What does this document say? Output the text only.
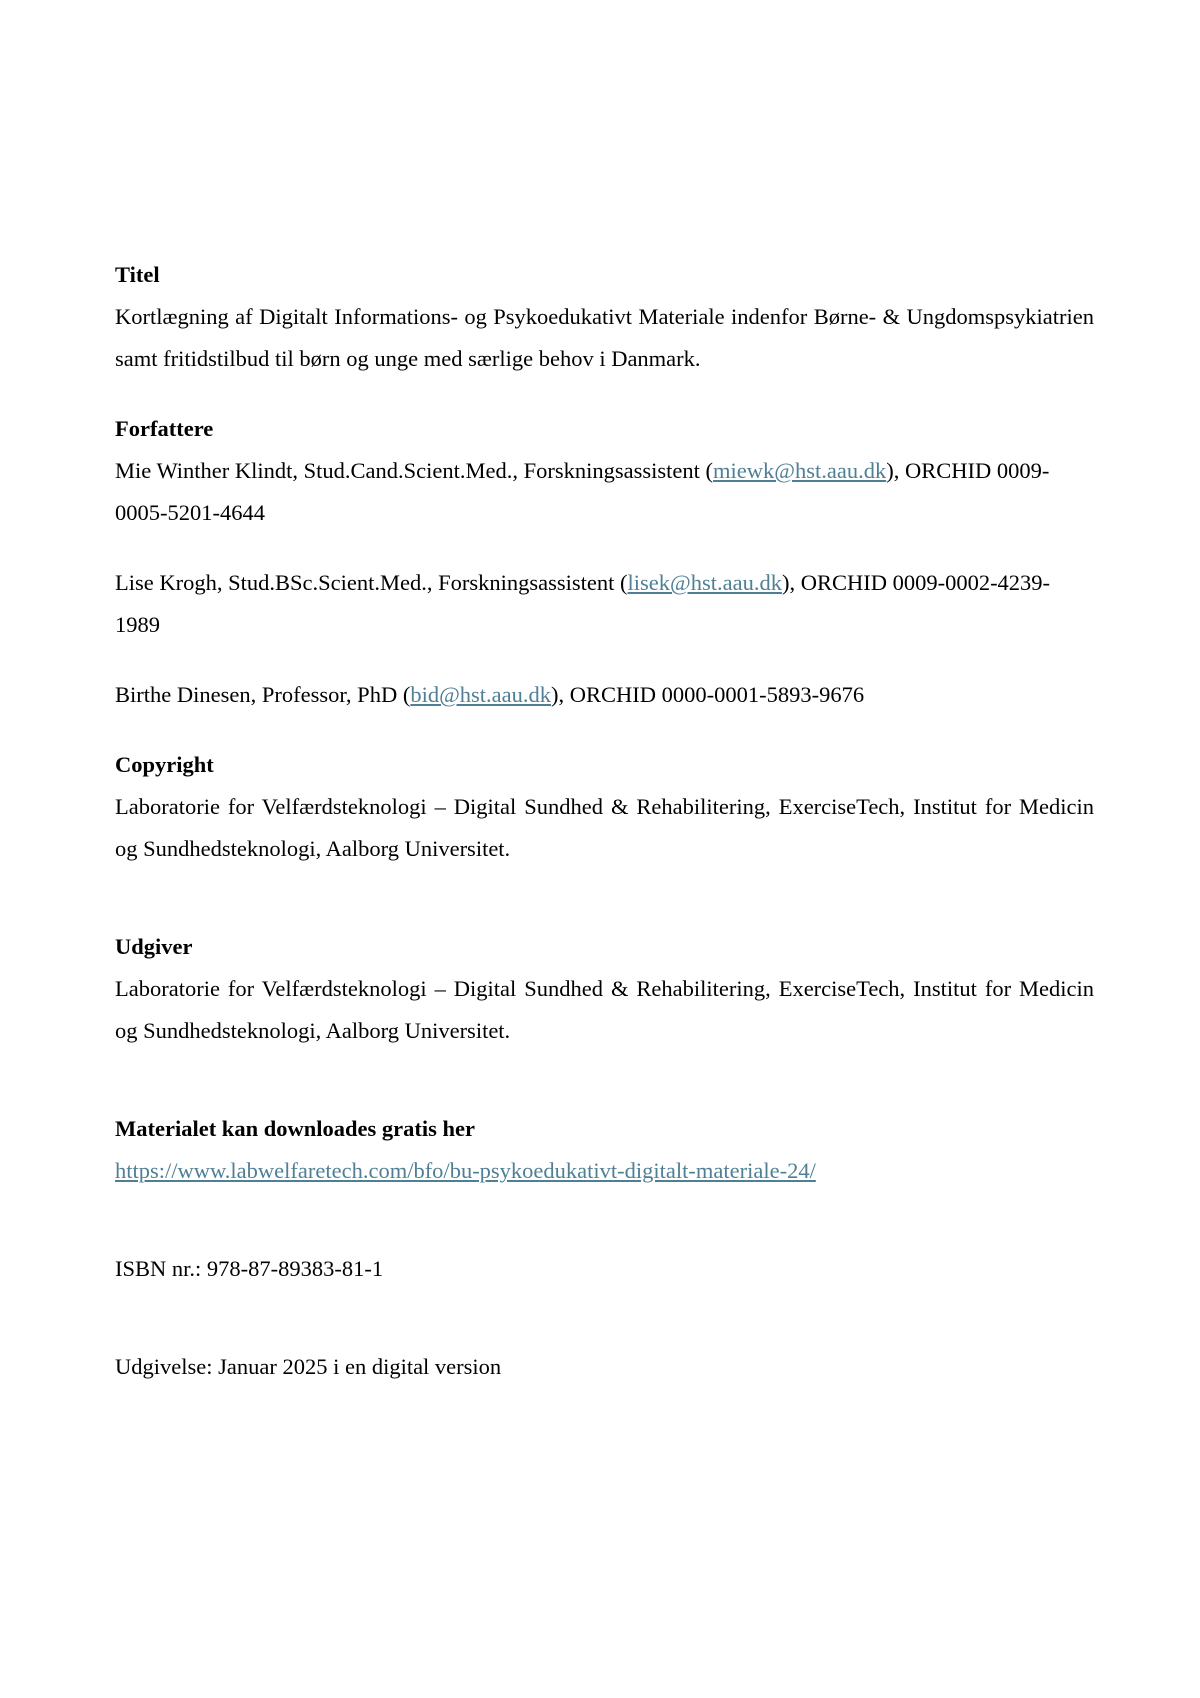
Titel

Kortlægning af Digitalt Informations- og Psykoedukativt Materiale indenfor Børne- & Ungdomspsykiatrien samt fritidstilbud til børn og unge med særlige behov i Danmark.

Forfattere

Mie Winther Klindt, Stud.Cand.Scient.Med., Forskningsassistent (miewk@hst.aau.dk), ORCHID 0009-0005-5201-4644

Lise Krogh, Stud.BSc.Scient.Med., Forskningsassistent (lisek@hst.aau.dk), ORCHID 0009-0002-4239-1989

Birthe Dinesen, Professor, PhD (bid@hst.aau.dk), ORCHID 0000-0001-5893-9676

Copyright

Laboratorie for Velfærdsteknologi – Digital Sundhed & Rehabilitering, ExerciseTech, Institut for Medicin og Sundhedsteknologi, Aalborg Universitet.

Udgiver

Laboratorie for Velfærdsteknologi – Digital Sundhed & Rehabilitering, ExerciseTech, Institut for Medicin og Sundhedsteknologi, Aalborg Universitet.

Materialet kan downloades gratis her

https://www.labwelfaretech.com/bfo/bu-psykoedukativt-digitalt-materiale-24/

ISBN nr.: 978-87-89383-81-1

Udgivelse: Januar 2025 i en digital version
